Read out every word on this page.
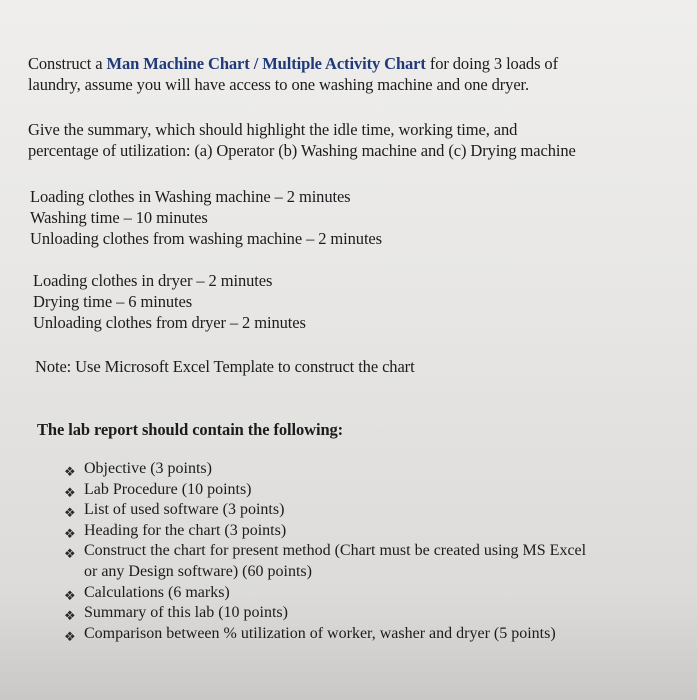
Construct a Man Machine Chart / Multiple Activity Chart for doing 3 loads of
laundry, assume you will have access to one washing machine and one dryer.
Give the summary, which should highlight the idle time, working time, and
percentage of utilization: (a) Operator (b) Washing machine and (c) Drying machine
Loading clothes in Washing machine – 2 minutes
Washing time – 10 minutes
Unloading clothes from washing machine – 2 minutes
Loading clothes in dryer – 2 minutes
Drying time – 6 minutes
Unloading clothes from dryer – 2 minutes
Note: Use Microsoft Excel Template to construct the chart
The lab report should contain the following:
❖ Objective (3 points)
❖ Lab Procedure (10 points)
❖ List of used software (3 points)
❖ Heading for the chart (3 points)
❖ Construct the chart for present method (Chart must be created using MS Excel
or any Design software) (60 points)
❖ Calculations (6 marks)
❖ Summary of this lab (10 points)
❖ Comparison between % utilization of worker, washer and dryer (5 points)
